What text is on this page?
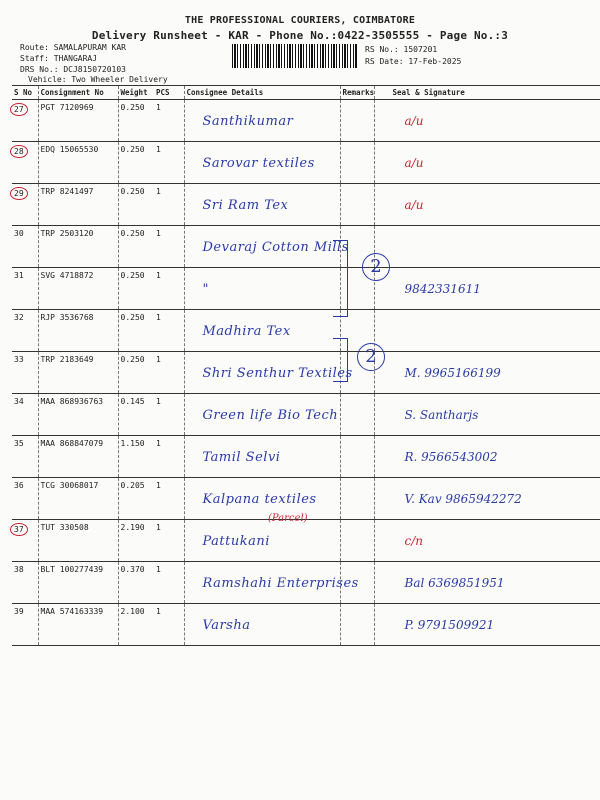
THE PROFESSIONAL COURIERS, COIMBATORE
Delivery Runsheet - KAR - Phone No.:0422-3505555 - Page No.:3
Route: SAMALAPURAM KAR
Staff: THANGARAJ
DRS No.: DCJ8150720103
Vehicle: Two Wheeler Delivery
RS No.: 1507201
RS Date: 17-Feb-2025
S No	Consignment No	Weight	PCS	Consignee Details	Remarks	Seal & Signature
27	PGT 7120969	0.250	1	Santhikumar		a/u

28	EDQ 15065530	0.250	1	Sarovar textiles		a/u

29	TRP 8241497	0.250	1	Sri Ram Tex		a/u

30	TRP 2503120	0.250	1	Devaraj Cotton Mills		

31	SVG 4718872	0.250	1	"		9842331611

32	RJP 3536768	0.250	1	Madhira Tex		

33	TRP 2183649	0.250	1	Shri Senthur Textiles		M. 9965166199

34	MAA 868936763	0.145	1	Green life Bio Tech		S. Santharjs

35	MAA 868847079	1.150	1	Tamil Selvi		R. 9566543002

36	TCG 30068017	0.205	1	Kalpana textiles		V. Kav 9865942272

37	TUT 330508	2.190	1	Pattukani		c/n

38	BLT 100277439	0.370	1	Ramshahi Enterprises		Bal 6369851951

39	MAA 574163339	2.100	1	Varsha		P. 9791509921
2
2
(Parcel)
